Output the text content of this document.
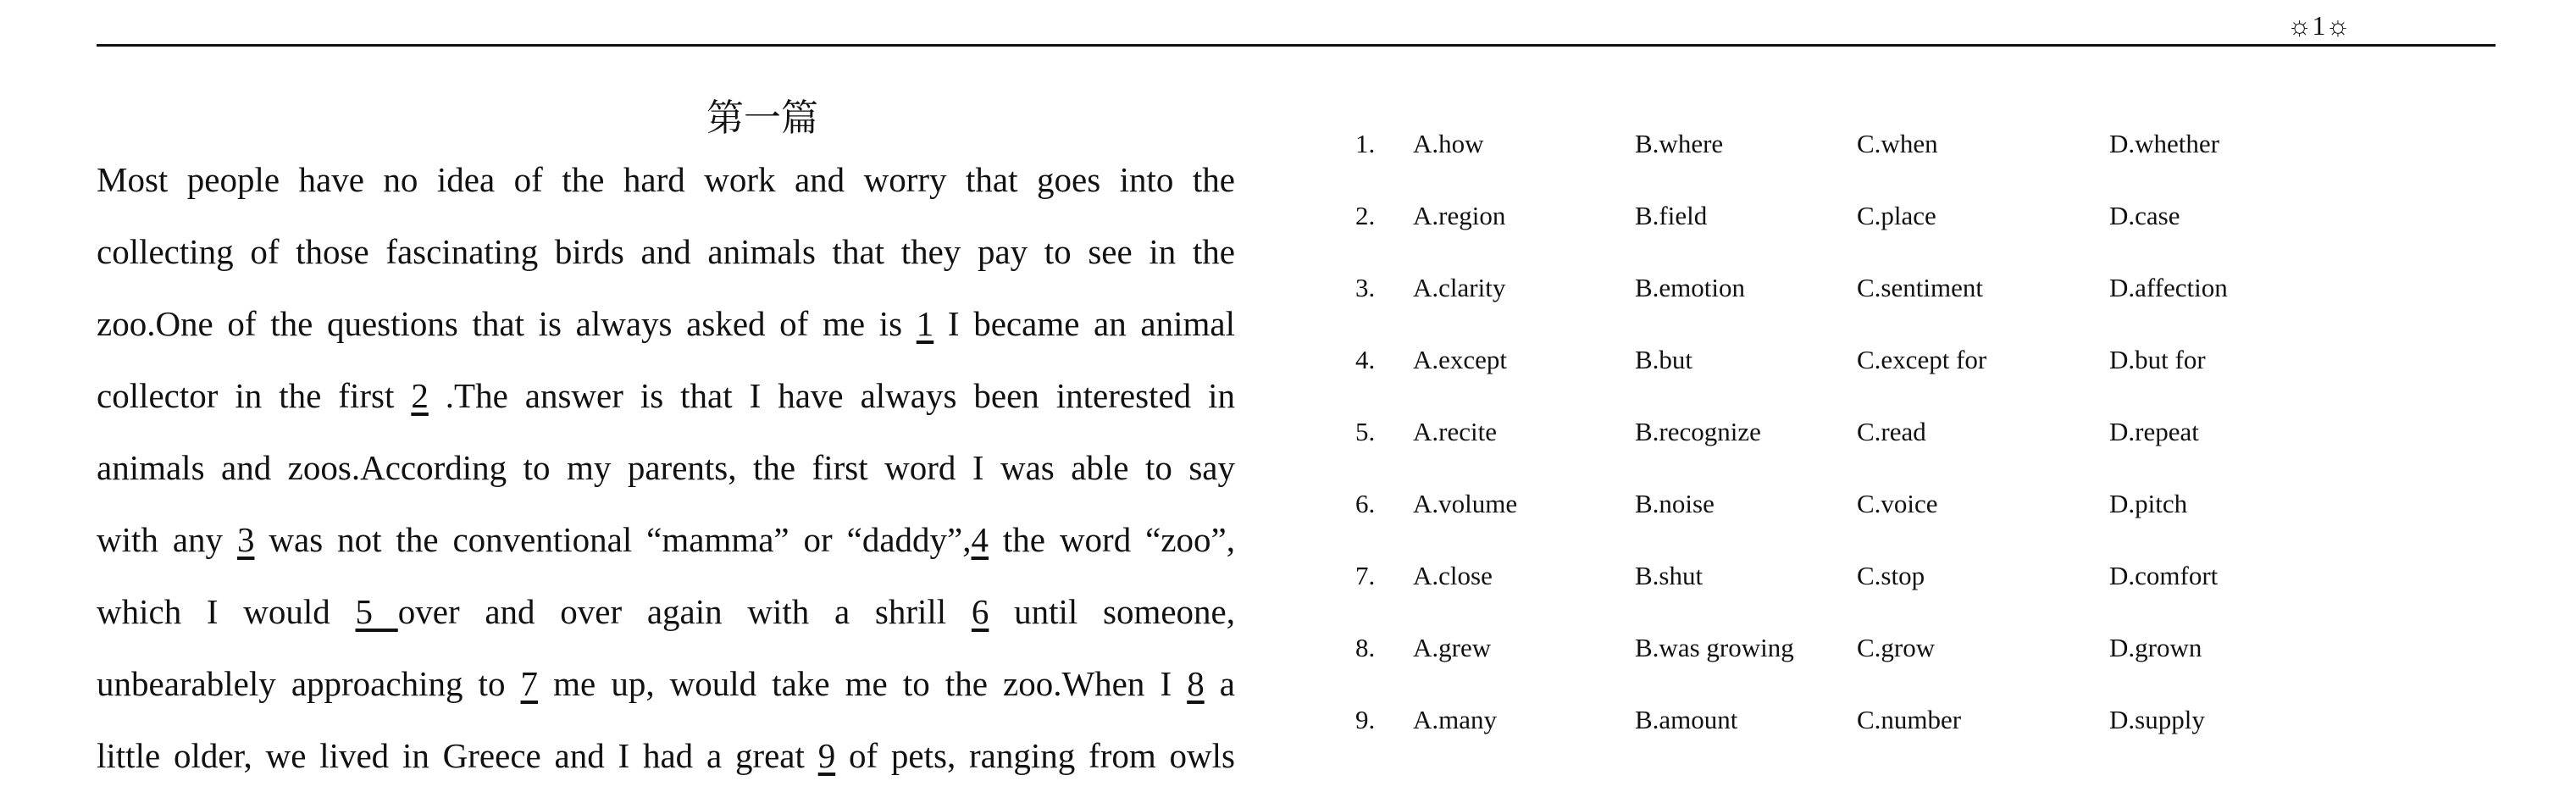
☼1☼
第一篇
Most people have no idea of the hard work and worry that goes into the
collecting of those fascinating birds and animals that they pay to see in the
zoo.One of the questions that is always asked of me is 1 I became an animal
collector in the first 2 .The answer is that I have always been interested in
animals and zoos.According to my parents, the first word I was able to say
with any 3 was not the conventional “mamma” or “daddy”,4 the word “zoo”,
which I would 5 over and over again with a shrill 6 until someone,
unbearablely approaching to 7 me up, would take me to the zoo.When I 8 a
little older, we lived in Greece and I had a great 9 of pets, ranging from owls
1. A.how	B.where	C.when	D.whether
2. A.region	B.field	C.place	D.case
3. A.clarity	B.emotion	C.sentiment	D.affection
4. A.except	B.but	C.except for	D.but for
5. A.recite	B.recognize	C.read	D.repeat
6. A.volume	B.noise	C.voice	D.pitch
7. A.close	B.shut	C.stop	D.comfort
8. A.grew	B.was growing C.grow	D.grown
9. A.many	B.amount	C.number	D.supply
